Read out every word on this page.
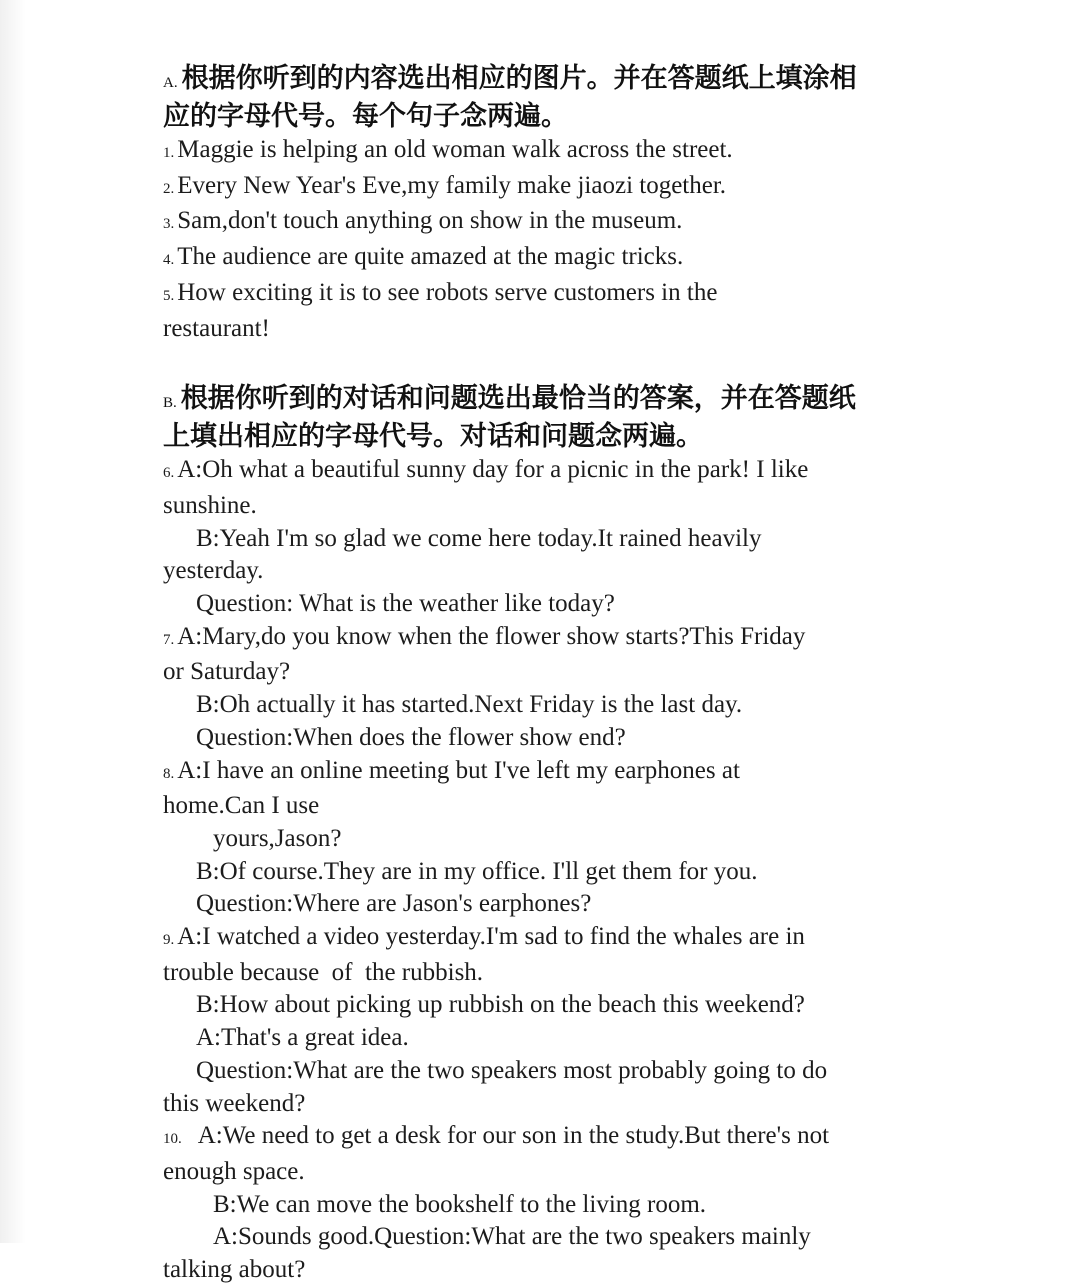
A. 根据你听到的内容选出相应的图片。并在答题纸上填涂相

应的字母代号。每个句子念两遍。

1. Maggie is helping an old woman walk across the street.

2. Every New Year's Eve,my family make jiaozi together.

3. Sam,don't touch anything on show in the museum.

4. The audience are quite amazed at the magic tricks.

5. How exciting it is to see robots serve customers in the

restaurant!

B. 根据你听到的对话和问题选出最恰当的答案，并在答题纸

上填出相应的字母代号。对话和问题念两遍。

6. A:Oh what a beautiful sunny day for a picnic in the park! I like

sunshine.

B:Yeah I'm so glad we come here today.It rained heavily

yesterday.

Question: What is the weather like today?

7. A:Mary,do you know when the flower show starts?This Friday

or Saturday?

B:Oh actually it has started.Next Friday is the last day.

Question:When does the flower show end?

8. A:I have an online meeting but I've left my earphones at

home.Can I use

yours,Jason?

B:Of course.They are in my office. I'll get them for you.

Question:Where are Jason's earphones?

9. A:I watched a video yesterday.I'm sad to find the whales are in

trouble because  of  the rubbish.

B:How about picking up rubbish on the beach this weekend?

A:That's a great idea.

Question:What are the two speakers most probably going to do

this weekend?

10. A:We need to get a desk for our son in the study.But there's not

enough space.

B:We can move the bookshelf to the living room.

A:Sounds good.Question:What are the two speakers mainly

talking about?
